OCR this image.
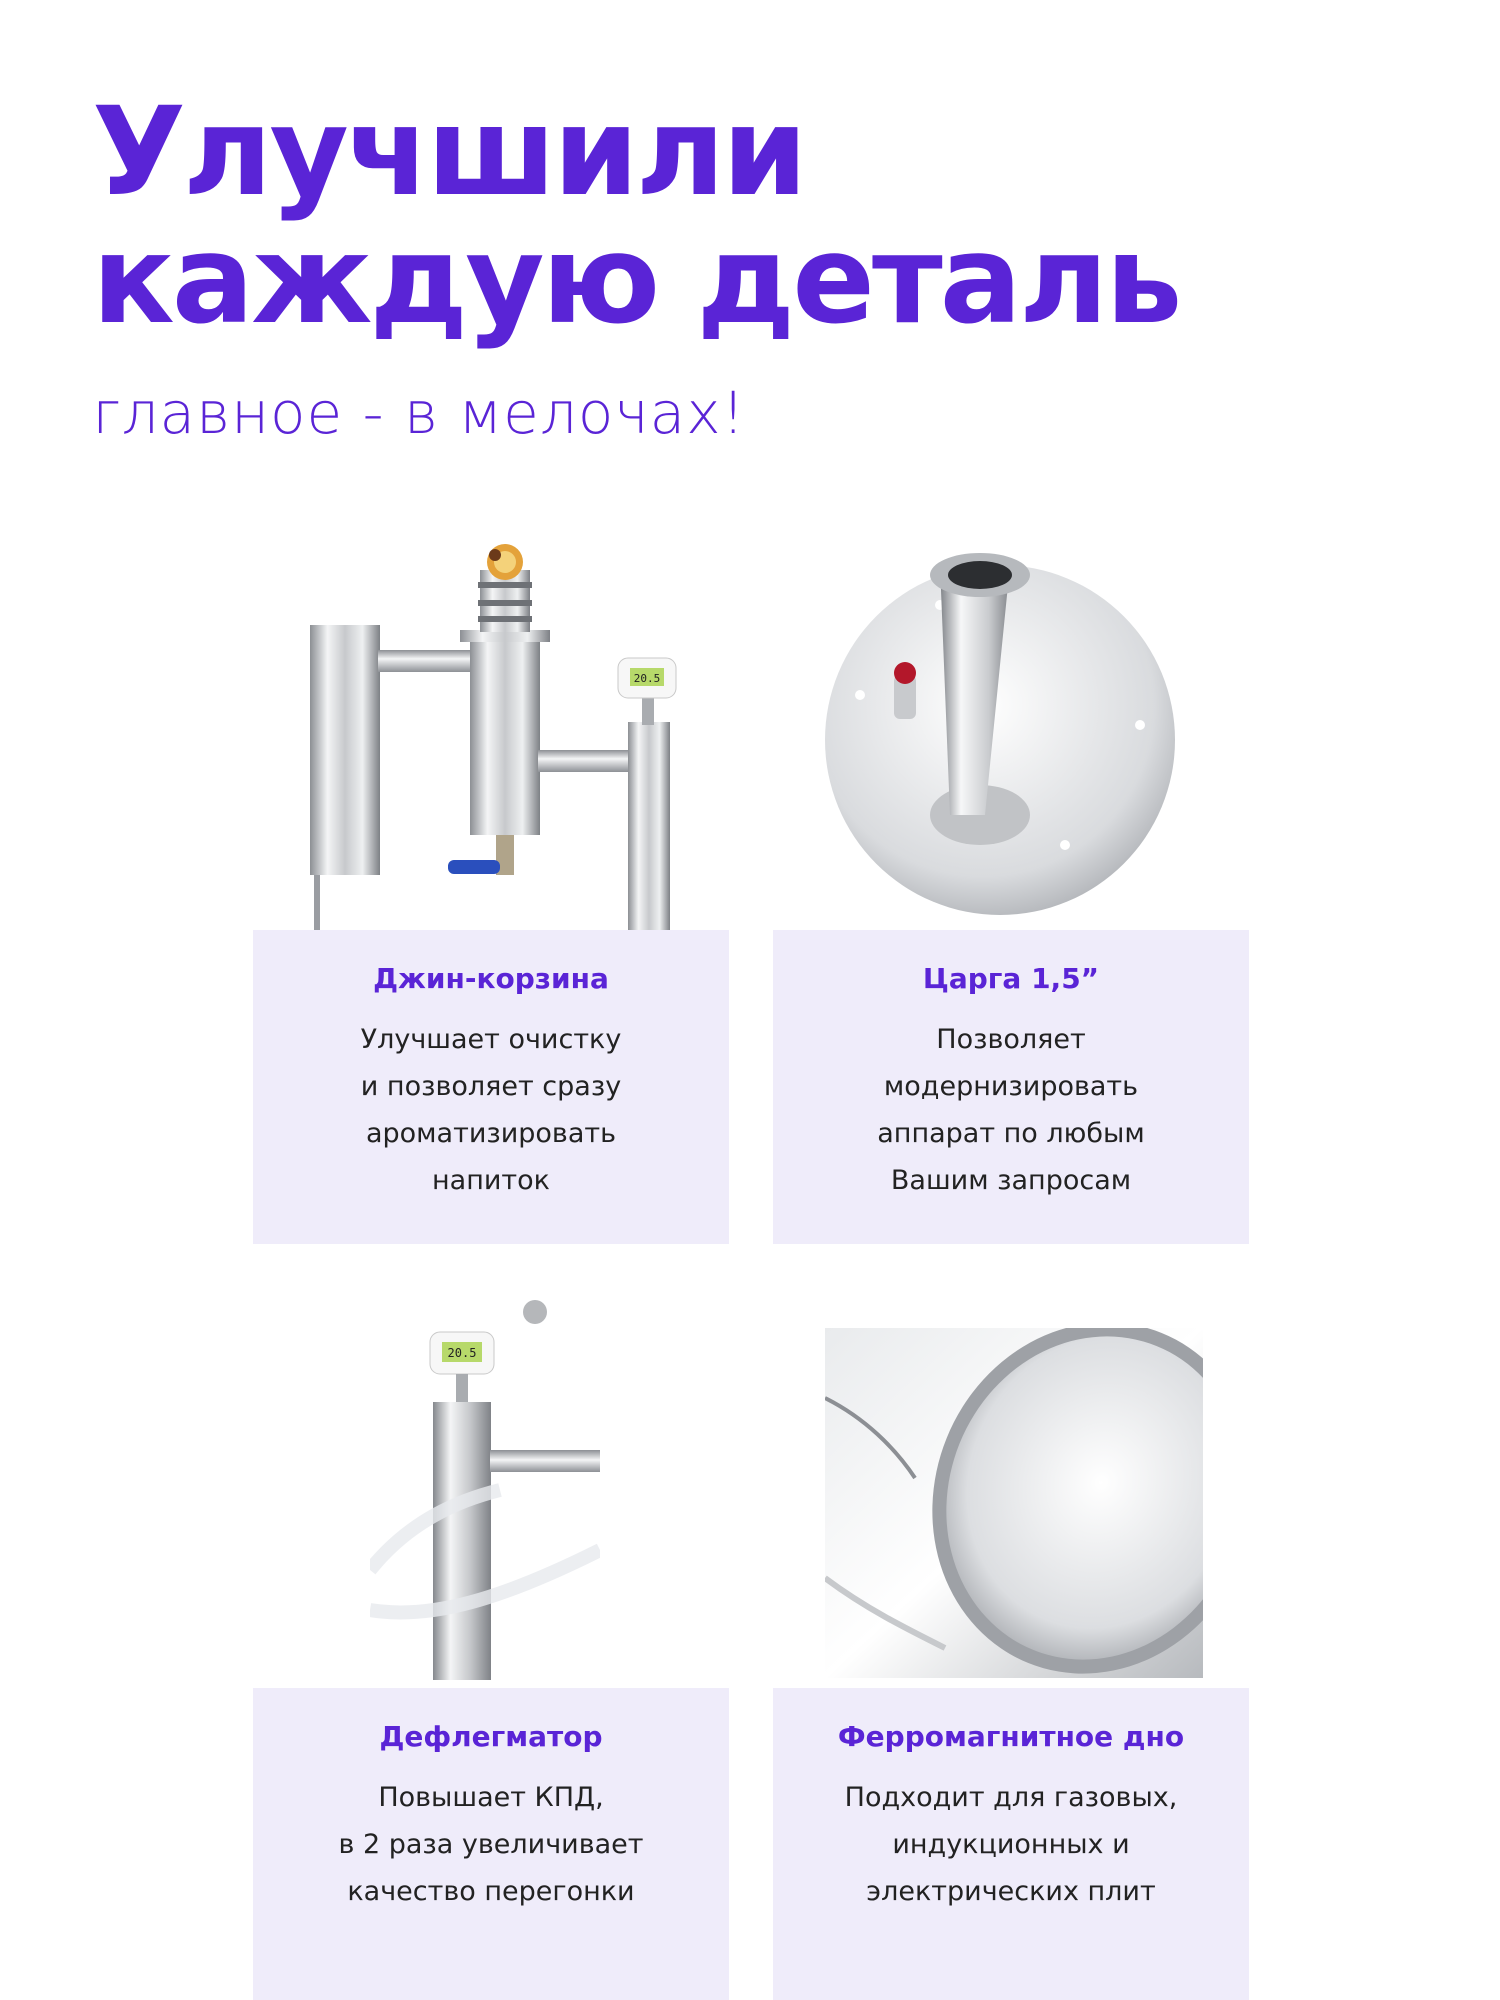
Улучшили
каждую деталь

главное - в мелочах!

20.5
Джин-корзина

Улучшает очистку
и позволяет сразу
ароматизировать
напиток

Царга 1,5”

Позволяет
модернизировать
аппарат по любым
Вашим запросам

20.5
Дефлегматор

Повышает КПД,
в 2 раза увеличивает
качество перегонки

Ферромагнитное дно

Подходит для газовых,
индукционных и
электрических плит
